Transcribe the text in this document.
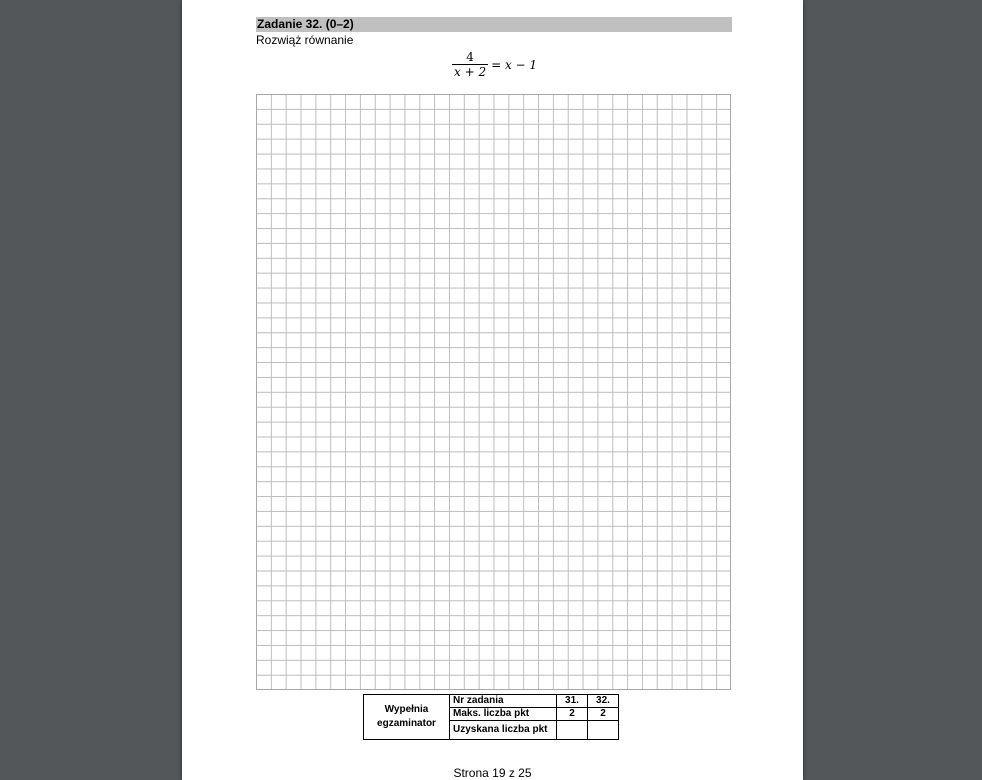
Zadanie 32. (0–2)
Rozwiąż równanie
$\frac{4}{x + 2} = x - 1$
Wypełnia
egzaminator	Nr zadania	31.	32.
	Maks. liczba pkt	2	2
	Uzyskana liczba pkt		
Strona 19 z 25
